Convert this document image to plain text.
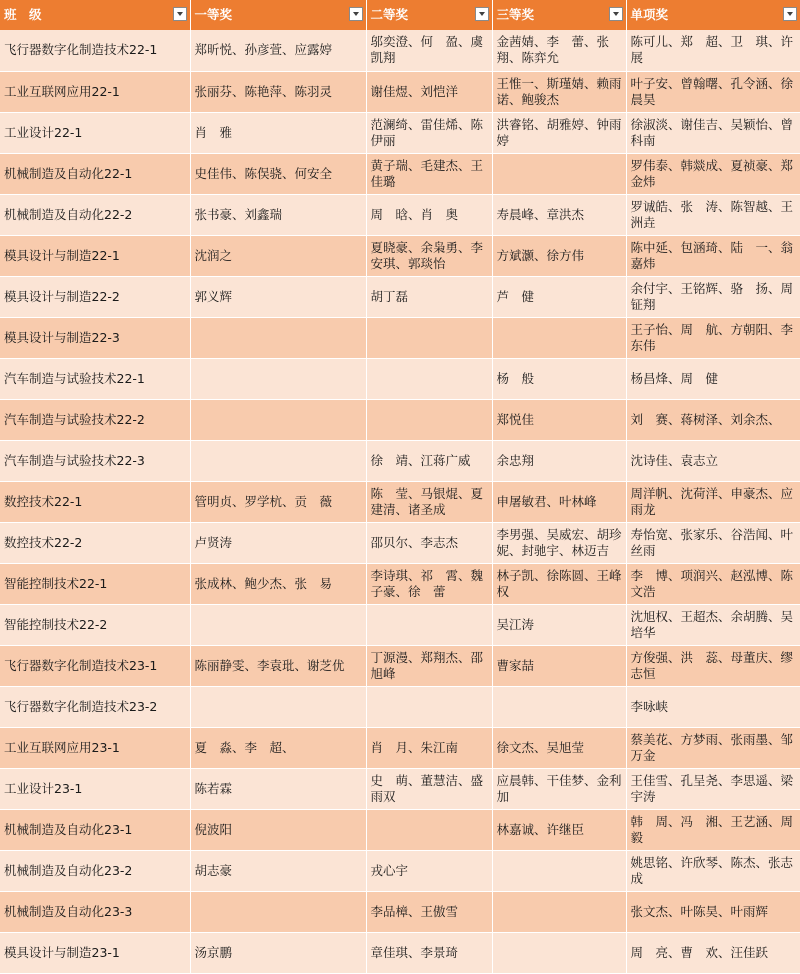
班　级	一等奖	二等奖	三等奖	单项奖

飞行器数字化制造技术22-1	郑昕悦、孙彦萱、应露婷	邬奕澄、何　盈、虞凯翔	金茜婧、李　蕾、张翔、陈弈允	陈可儿、郑　超、卫　琪、许展
工业互联网应用22-1	张丽芬、陈艳萍、陈羽灵	谢佳煜、刘恺洋	王惟一、斯瑾婧、赖雨诺、鲍骏杰	叶子安、曾翰曙、孔令涵、徐晨昊
工业设计22-1	肖　雅	范澜绮、雷佳烯、陈伊丽	洪睿铭、胡雅婷、钟雨婷	徐淑淡、谢佳吉、吴颖怡、曾科南
机械制造及自动化22-1	史佳伟、陈俣骁、何安全	黄子瑞、毛建杰、王佳璐		罗伟泰、韩燚成、夏祯豪、郑金炜
机械制造及自动化22-2	张书豪、刘鑫瑞	周　晗、肖　奥	寿晨峰、章洪杰	罗诚皓、张　涛、陈智越、王洲垚
模具设计与制造22-1	沈润之	夏晓豪、余枭勇、李安琪、郭琰怡	方斌灏、徐方伟	陈中延、包涵琦、陆　一、翁嘉炜
模具设计与制造22-2	郭义辉	胡丁磊	芦　健	余付宇、王铭辉、骆　扬、周钲翔
模具设计与制造22-3				王子怡、周　航、方朝阳、李东伟
汽车制造与试验技术22-1			杨　般	杨昌烽、周　健
汽车制造与试验技术22-2			郑悦佳	刘　赛、蒋树泽、刘余杰、
汽车制造与试验技术22-3		徐　靖、江蒋广威	余忠翔	沈诗佳、袁志立
数控技术22-1	管明贞、罗学杭、贡　薇	陈　莹、马银焜、夏建清、诸圣成	申屠敏君、叶林峰	周洋帆、沈荷洋、申豪杰、应雨龙
数控技术22-2	卢贤涛	邵贝尔、李志杰	李男强、吴威宏、胡珍妮、封驰宇、林迈吉	寿怡宽、张家乐、谷浩闻、叶丝雨
智能控制技术22-1	张成林、鲍少杰、张　易	李诗琪、祁　霄、魏子豪、徐　蕾	林子凯、徐陈圆、王峰权	李　博、项润兴、赵泓博、陈文浩
智能控制技术22-2			吴江涛	沈旭权、王超杰、余胡腾、吴培华
飞行器数字化制造技术23-1	陈丽静雯、李袁玭、谢芝优	丁源漫、郑翔杰、邵旭峰	曹家喆	方俊强、洪　蕊、母董庆、缪志恒
飞行器数字化制造技术23-2				李咏峡
工业互联网应用23-1	夏　淼、李　超、	肖　月、朱江南	徐文杰、吴旭莹	蔡美花、方梦雨、张雨墨、邹万金
工业设计23-1	陈若霖	史　萌、董慧洁、盛雨双	应晨韩、干佳梦、金利加	王佳雪、孔呈尧、李思遥、梁宇涛
机械制造及自动化23-1	倪波阳		林嘉诚、许继臣	韩　周、冯　湘、王艺涵、周毅
机械制造及自动化23-2	胡志豪	戎心宇		姚思铭、许欣琴、陈杰、张志成
机械制造及自动化23-3		李品樟、王傲雪		张文杰、叶陈昊、叶雨辉
模具设计与制造23-1	汤京鹏	章佳琪、李景琦		周　亮、曹　欢、汪佳跃
